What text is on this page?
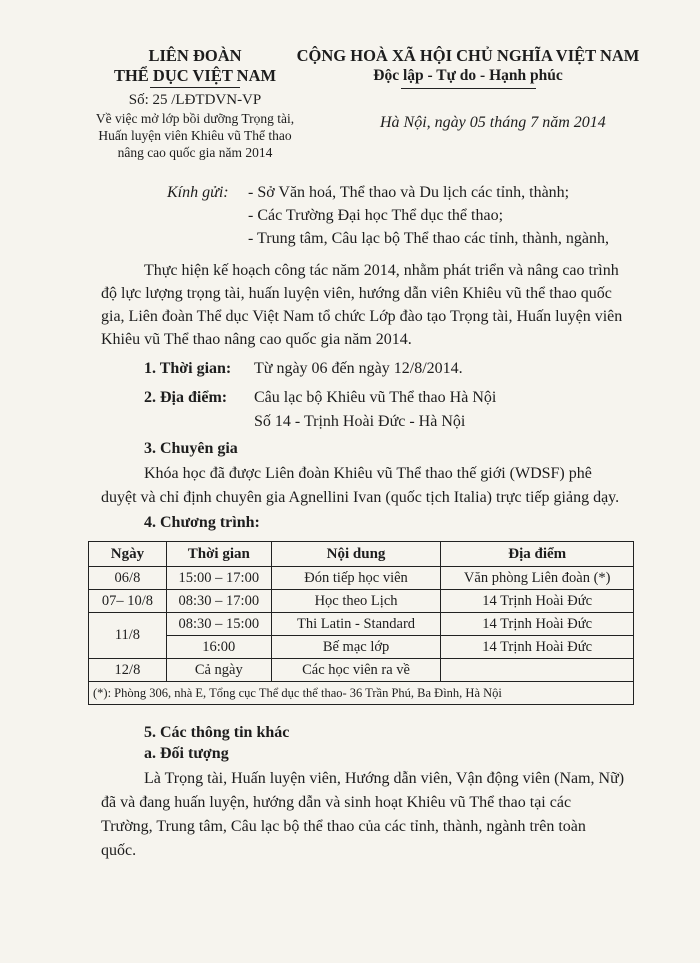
LIÊN ĐOÀN
THỂ DỤC VIỆT NAM
Số: 25 /LĐTDVN-VP
Về việc mở lớp bồi dưỡng Trọng tài,
Huấn luyện viên Khiêu vũ Thể thao
nâng cao quốc gia năm 2014
CỘNG HOÀ XÃ HỘI CHỦ NGHĨA VIỆT NAM
Độc lập - Tự do - Hạnh phúc
Hà Nội, ngày 05 tháng 7 năm 2014
Kính gửi: - Sở Văn hoá, Thể thao và Du lịch các tỉnh, thành;
- Các Trường Đại học Thể dục thể thao;
- Trung tâm, Câu lạc bộ Thể thao các tỉnh, thành, ngành,
Thực hiện kế hoạch công tác năm 2014, nhằm phát triển và nâng cao trình
độ lực lượng trọng tài, huấn luyện viên, hướng dẫn viên Khiêu vũ thể thao quốc
gia, Liên đoàn Thể dục Việt Nam tổ chức Lớp đào tạo Trọng tài, Huấn luyện viên
Khiêu vũ Thể thao nâng cao quốc gia năm 2014.
1. Thời gian: Từ ngày 06 đến ngày 12/8/2014.
2. Địa điểm: Câu lạc bộ Khiêu vũ Thể thao Hà Nội
Số 14 - Trịnh Hoài Đức - Hà Nội
3. Chuyên gia
Khóa học đã được Liên đoàn Khiêu vũ Thể thao thế giới (WDSF) phê
duyệt và chỉ định chuyên gia Agnellini Ivan (quốc tịch Italia) trực tiếp giảng dạy.
4. Chương trình:
Ngày	Thời gian	Nội dung	Địa điểm
06/8	15:00 – 17:00	Đón tiếp học viên	Văn phòng Liên đoàn (*)
07– 10/8	08:30 – 17:00	Học theo Lịch	14 Trịnh Hoài Đức
11/8	08:30 – 15:00	Thi Latin - Standard	14 Trịnh Hoài Đức
	16:00	Bế mạc lớp	14 Trịnh Hoài Đức
12/8	Cả ngày	Các học viên ra về	
(*): Phòng 306, nhà E, Tổng cục Thể dục thể thao- 36 Trần Phú, Ba Đình, Hà Nội			
5. Các thông tin khác
a. Đối tượng
Là Trọng tài, Huấn luyện viên, Hướng dẫn viên, Vận động viên (Nam, Nữ)
đã và đang huấn luyện, hướng dẫn và sinh hoạt Khiêu vũ Thể thao tại các
Trường, Trung tâm, Câu lạc bộ thể thao của các tỉnh, thành, ngành trên toàn
quốc.
